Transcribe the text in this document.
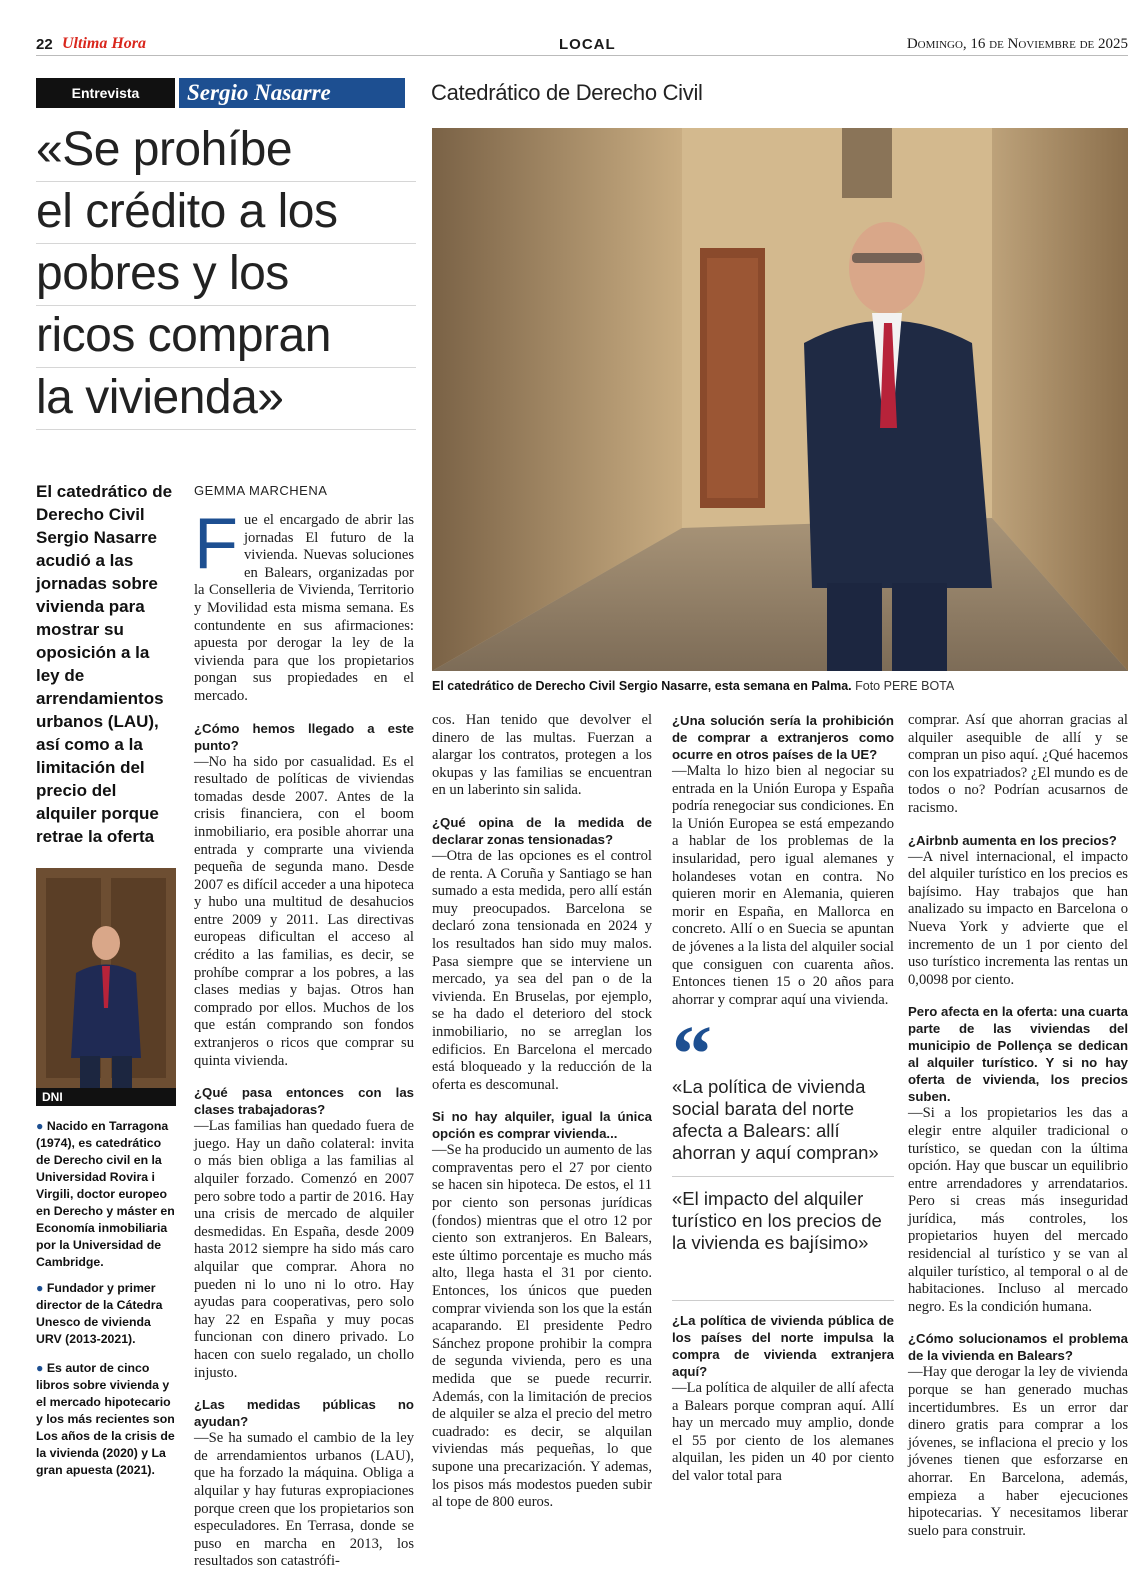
22 Ultima Hora	LOCAL	Domingo, 16 de Noviembre de 2025
Entrevista	Sergio Nasarre	Catedrático de Derecho Civil
«Se prohíbe
el crédito a los
pobres y los
ricos compran
la vivienda»
El catedrático de Derecho Civil Sergio Nasarre, esta semana en Palma. Foto PERE BOTA
El catedrático de Derecho Civil Sergio Nasarre acudió a las jornadas sobre vivienda para mostrar su oposición a la ley de arrendamientos urbanos (LAU), así como a la limitación del precio del alquiler porque retrae la oferta
DNI
● Nacido en Tarragona (1974), es catedrático de Derecho civil en la Universidad Rovira i Virgili, doctor europeo en Derecho y máster en Economía inmobiliaria por la Universidad de Cambridge.
● Fundador y primer director de la Cátedra Unesco de vivienda URV (2013-2021).
● Es autor de cinco libros sobre vivienda y el mercado hipotecario y los más recientes son Los años de la crisis de la vivienda (2020) y La gran apuesta (2021).
GEMMA MARCHENA

Fue el encargado de abrir las jornadas El futuro de la vivienda. Nuevas soluciones en Balears, organizadas por la Conselleria de Vivienda, Territorio y Movilidad esta misma semana. Es contundente en sus afirmaciones: apuesta por derogar la ley de la vivienda para que los propietarios pongan sus propiedades en el mercado.

¿Cómo hemos llegado a este punto?
—No ha sido por casualidad. Es el resultado de políticas de viviendas tomadas desde 2007. Antes de la crisis financiera, con el boom inmobiliario, era posible ahorrar una entrada y comprarte una vivienda pequeña de segunda mano. Desde 2007 es difícil acceder a una hipoteca y hubo una multitud de desahucios entre 2009 y 2011. Las directivas europeas dificultan el acceso al crédito a las familias, es decir, se prohíbe comprar a los pobres, a las clases medias y bajas. Otros han comprado por ellos. Muchos de los que están comprando son fondos extranjeros o ricos que comprar su quinta vivienda.

¿Qué pasa entonces con las clases trabajadoras?
—Las familias han quedado fuera de juego. Hay un daño colateral: invita o más bien obliga a las familias al alquiler forzado. Comenzó en 2007 pero sobre todo a partir de 2016. Hay una crisis de mercado de alquiler desmedidas. En España, desde 2009 hasta 2012 siempre ha sido más caro alquilar que comprar. Ahora no pueden ni lo uno ni lo otro. Hay ayudas para cooperativas, pero solo hay 22 en España y muy pocas funcionan con dinero privado. Lo hacen con suelo regalado, un chollo injusto.

¿Las medidas públicas no ayudan?
—Se ha sumado el cambio de la ley de arrendamientos urbanos (LAU), que ha forzado la máquina. Obliga a alquilar y hay futuras expropiaciones porque creen que los propietarios son especuladores. En Terrasa, donde se puso en marcha en 2013, los resultados son catastrófi-

cos. Han tenido que devolver el dinero de las multas. Fuerzan a alargar los contratos, protegen a los okupas y las familias se encuentran en un laberinto sin salida.

¿Qué opina de la medida de declarar zonas tensionadas?
—Otra de las opciones es el control de renta. A Coruña y Santiago se han sumado a esta medida, pero allí están muy preocupados. Barcelona se declaró zona tensionada en 2024 y los resultados han sido muy malos. Pasa siempre que se interviene un mercado, ya sea del pan o de la vivienda. En Bruselas, por ejemplo, se ha dado el deterioro del stock inmobiliario, no se arreglan los edificios. En Barcelona el mercado está bloqueado y la reducción de la oferta es descomunal.

Si no hay alquiler, igual la única opción es comprar vivienda...
—Se ha producido un aumento de las compraventas pero el 27 por ciento se hacen sin hipoteca. De estos, el 11 por ciento son personas jurídicas (fondos) mientras que el otro 12 por ciento son extranjeros. En Balears, este último porcentaje es mucho más alto, llega hasta el 31 por ciento. Entonces, los únicos que pueden comprar vivienda son los que la están acaparando. El presidente Pedro Sánchez propone prohibir la compra de segunda vivienda, pero es una medida que se puede recurrir. Además, con la limitación de precios de alquiler se alza el precio del metro cuadrado: es decir, se alquilan viviendas más pequeñas, lo que supone una precarización. Y ademas, los pisos más modestos pueden subir al tope de 800 euros.

¿Una solución sería la prohibición de comprar a extranjeros como ocurre en otros países de la UE?
—Malta lo hizo bien al negociar su entrada en la Unión Europa y España podría renegociar sus condiciones. En la Unión Europea se está empezando a hablar de los problemas de la insularidad, pero igual alemanes y holandeses votan en contra. No quieren morir en Alemania, quieren morir en España, en Mallorca en concreto. Allí o en Suecia se apuntan de jóvenes a la lista del alquiler social que consiguen con cuarenta años. Entonces tienen 15 o 20 años para ahorrar y comprar aquí una vivienda.

“
«La política de vivienda social barata del norte afecta a Balears: allí ahorran y aquí compran»
«El impacto del alquiler turístico en los precios de la vivienda es bajísimo»

¿La política de vivienda pública de los países del norte impulsa la compra de vivienda extranjera aquí?
—La política de alquiler de allí afecta a Balears porque compran aquí. Allí hay un mercado muy amplio, donde el 55 por ciento de los alemanes alquilan, les piden un 40 por ciento del valor total para

comprar. Así que ahorran gracias al alquiler asequible de allí y se compran un piso aquí. ¿Qué hacemos con los expatriados? ¿El mundo es de todos o no? Podrían acusarnos de racismo.

¿Airbnb aumenta en los precios?
—A nivel internacional, el impacto del alquiler turístico en los precios es bajísimo. Hay trabajos que han analizado su impacto en Barcelona o Nueva York y advierte que el incremento de un 1 por ciento del uso turístico incrementa las rentas un 0,0098 por ciento.

Pero afecta en la oferta: una cuarta parte de las viviendas del municipio de Pollença se dedican al alquiler turístico. Y si no hay oferta de vivienda, los precios suben.
—Si a los propietarios les das a elegir entre alquiler tradicional o turístico, se quedan con la última opción. Hay que buscar un equilibrio entre arrendadores y arrendatarios. Pero si creas más inseguridad jurídica, más controles, los propietarios huyen del mercado residencial al turístico y se van al alquiler turístico, al temporal o al de habitaciones. Incluso al mercado negro. Es la condición humana.

¿Cómo solucionamos el problema de la vivienda en Balears?
—Hay que derogar la ley de vivienda porque se han generado muchas incertidumbres. Es un error dar dinero gratis para comprar a los jóvenes, se inflaciona el precio y los jóvenes tienen que esforzarse en ahorrar. En Barcelona, además, empieza a haber ejecuciones hipotecarias. Y necesitamos liberar suelo para construir.
